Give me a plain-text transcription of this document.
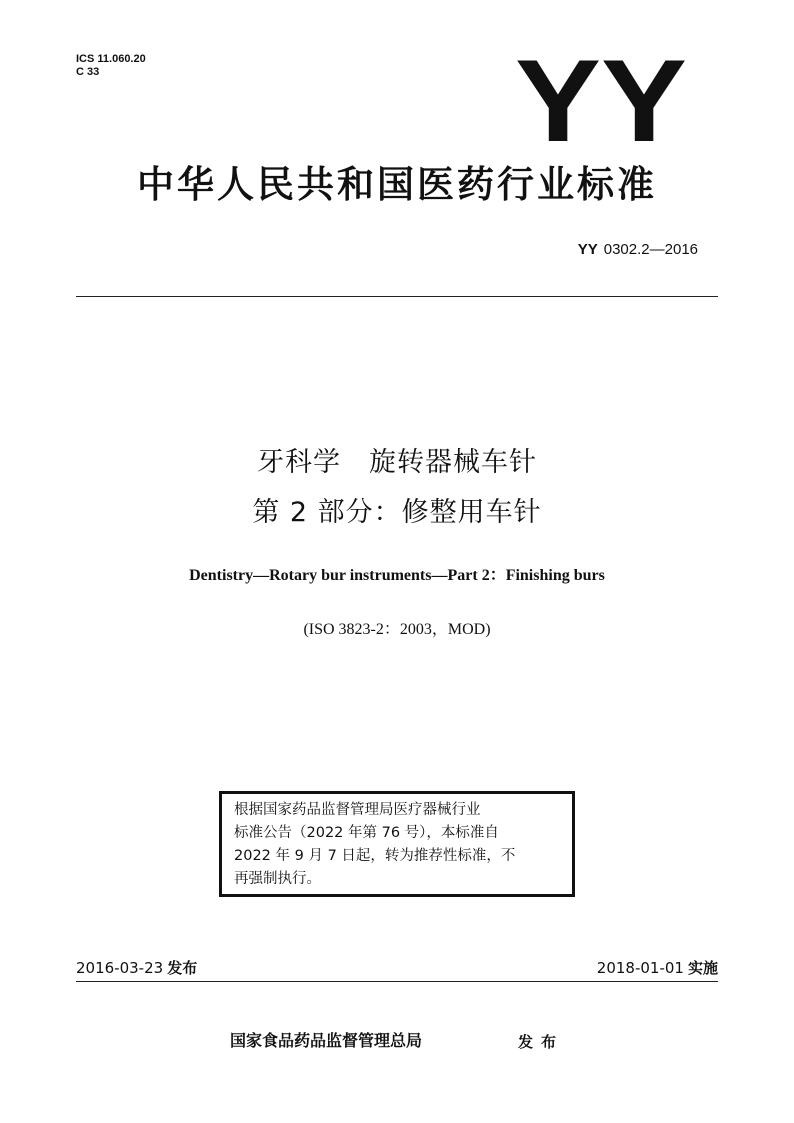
ICS 11.060.20
C 33	YY
中华人民共和国医药行业标准
YY 0302.2—2016
牙科学　旋转器械车针
第 2 部分：修整用车针
Dentistry—Rotary bur instruments—Part 2：Finishing burs
(ISO 3823-2：2003，MOD)
根据国家药品监督管理局医疗器械行业
标准公告（2022 年第 76 号），本标准自
2022 年 9 月 7 日起，转为推荐性标准，不
再强制执行。
2016-03-23 发布	2018-01-01 实施
国家食品药品监督管理总局	发布
